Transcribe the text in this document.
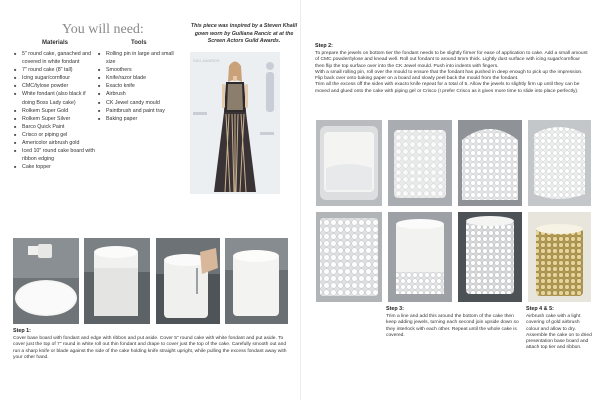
You will need:
Materials	Tools
■ 5" round cake, ganached and covered in white fondant
■ 7" round cake (8" tall)
■ Icing sugar/cornflour
■ CMC/tylose powder
■ White fondant (also black if doing Boss Lady cake)
■ Rolkem Super Gold
■ Rolkem Super Silver
■ Barco Quick Paint
■ Crisco or piping gel
■ Americolor airbrush gold
■ Iced 10" round cake board with ribbon edging
■ Cake topper
■ Rolling pin in large and small size
■ Smoothers
■ Knife/razor blade
■ Exacto knife
■ Airbrush
■ CK Jewel candy mould
■ Paintbrush and paint tray
■ Baking paper
This piece was inspired by a Steven Khalil gown worn by Guiliana Rancic at at the Screen Actors Guild Awards.
SAG AWARDS
Step 1:
Cover base board with fondant and edge with ribbon and put aside. Cover 5" round cake with white fondant and put aside. To cover just the top of 7" round in white roll out thin fondant and drape to cover just the top of the cake. Carefully smooth out and run a sharp knife or blade against the side of the cake holding knife straight upright, while pulling the excess fondant away with your other hand.
Step 2:
To prepare the jewels on bottom tier the fondant needs to be slightly firmer for ease of application to cake. Add a small amount of CMC powder/tylose and knead well. Roll out fondant to around 5mm thick. Lightly dust surface with icing sugar/cornflour then flip the top surface over into the CK Jewel mould. Push into indents with fingers.
With a small rolling pin, roll over the mould to ensure that the fondant has pushed in deep enough to pick up the impression.
Flip back over onto baking paper on a board and slowly peel back the mould from the fondant.
Trim all the excess off the sides with exacto knife repeat for a total of 5. Allow the jewels to slightly firm up until they can be moved and glued onto the cake with piping gel or Crisco (I prefer Crisco as it gives more time to slide into place perfectly).
Step 3:
Trim a line and add this around the bottom of the cake then keep adding jewels, turning each second join upside down so they interlock with each other. Repeat until the whole cake is covered.
Step 4 & 5:
Airbrush cake with a light covering of gold airbrush colour and allow to dry. Assemble the cake on to dried presentation base board and attach top tier and ribbon.
